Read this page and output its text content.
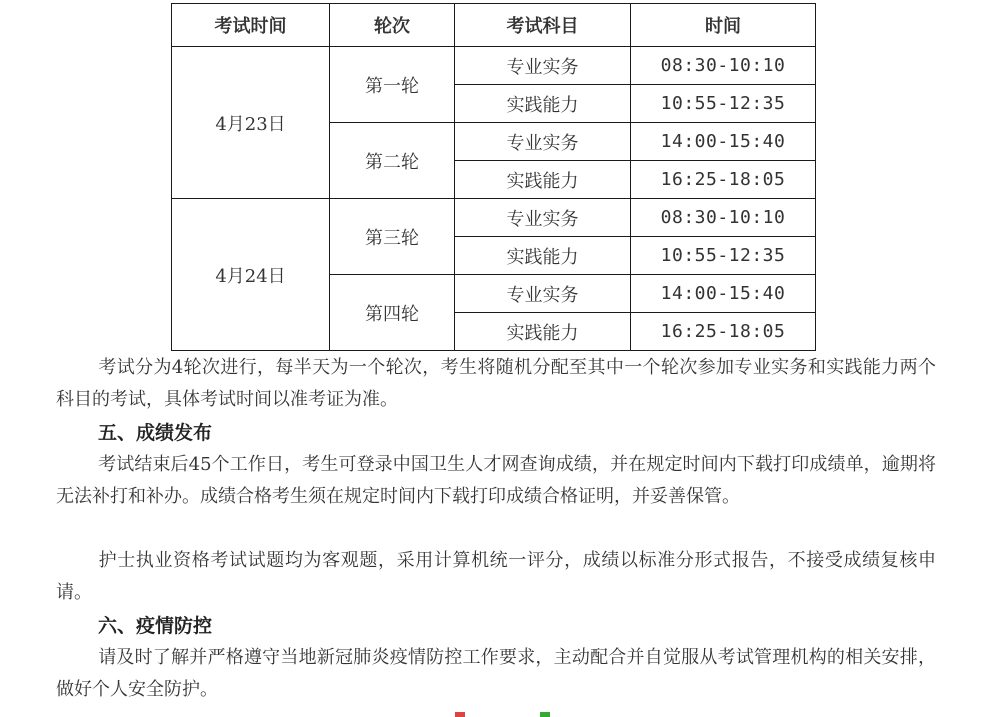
考试时间	轮次	考试科目	时间
4月23日	第一轮	专业实务	08:30-10:10
		实践能力	10:55-12:35
	第二轮	专业实务	14:00-15:40
		实践能力	16:25-18:05
4月24日	第三轮	专业实务	08:30-10:10
		实践能力	10:55-12:35
	第四轮	专业实务	14:00-15:40
		实践能力	16:25-18:05

考试分为4轮次进行，每半天为一个轮次，考生将随机分配至其中一个轮次参加专业实务和实践能力两个科目的考试，具体考试时间以准考证为准。

五、成绩发布

考试结束后45个工作日，考生可登录中国卫生人才网查询成绩，并在规定时间内下载打印成绩单，逾期将无法补打和补办。成绩合格考生须在规定时间内下载打印成绩合格证明，并妥善保管。

护士执业资格考试试题均为客观题，采用计算机统一评分，成绩以标准分形式报告，不接受成绩复核申请。

六、疫情防控

请及时了解并严格遵守当地新冠肺炎疫情防控工作要求，主动配合并自觉服从考试管理机构的相关安排，做好个人安全防护。
